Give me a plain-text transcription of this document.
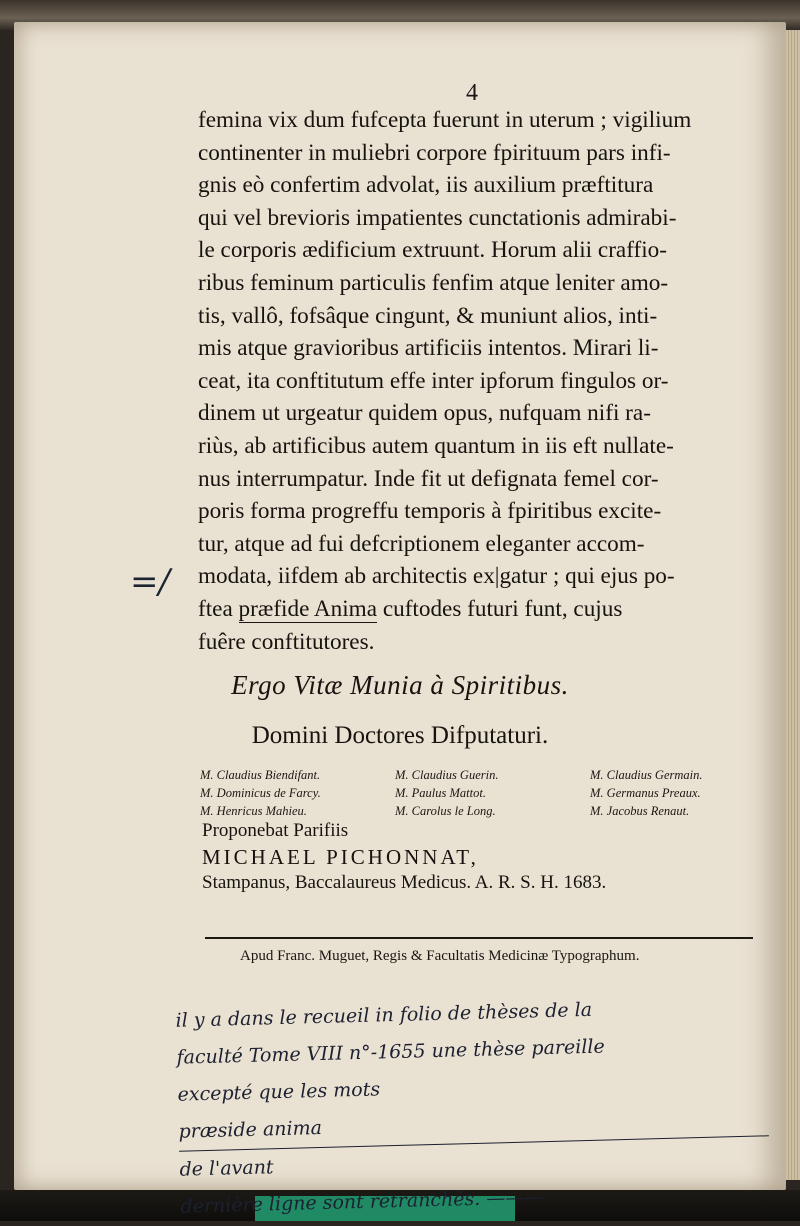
4

femina vix dum fufcepta fuerunt in uterum ; vigilium
continenter in muliebri corpore fpirituum pars infi-
gnis eò confertim advolat, iis auxilium præftitura
qui vel brevioris impatientes cunctationis admirabi-
le corporis ædificium extruunt. Horum alii craffio-
ribus feminum particulis fenfim atque leniter amo-
tis, vallô, fofsâque cingunt, & muniunt alios, inti-
mis atque gravioribus artificiis intentos. Mirari li-
ceat, ita conftitutum effe inter ipforum fingulos or-
dinem ut urgeatur quidem opus, nufquam nifi ra-
riùs, ab artificibus autem quantum in iis eft nullate-
nus interrumpatur. Inde fit ut defignata femel cor-
poris forma progreffu temporis à fpiritibus excite-
tur, atque ad fui defcriptionem eleganter accom-
modata, iifdem ab architectis ex|gatur ; qui ejus po-
ftea præfide Anima cuftodes futuri funt, cujus
fuêre conftitutores.

=/
Ergo Vitæ Munia à Spiritibus.
Domini Doctores Difputaturi.
M. Claudius Biendifant.
M. Dominicus de Farcy.
M. Henricus Mahieu.
M. Claudius Guerin.
M. Paulus Mattot.
M. Carolus le Long.
M. Claudius Germain.
M. Germanus Preaux.
M. Jacobus Renaut.
Proponebat Parifiis
MICHAEL PICHONNAT,
Stampanus, Baccalaureus Medicus. A. R. S. H. 1683.
Apud Franc. Muguet, Regis & Facultatis Medicinæ Typographum.
il y a dans le recueil in folio de thèses de la
faculté Tome VIII n°-1655 une thèse pareille
excepté que les mots
præside anima
de l'avant
dernière ligne sont retranchés. ———
